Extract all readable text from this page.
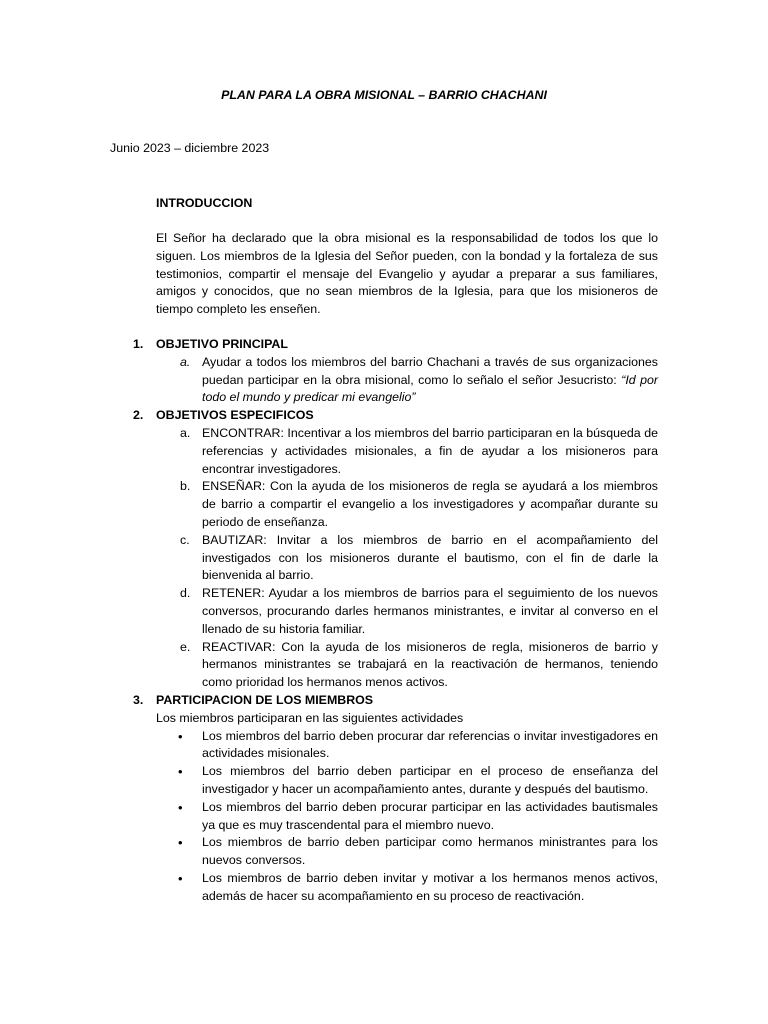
PLAN PARA LA OBRA MISIONAL – BARRIO CHACHANI
Junio 2023 – diciembre 2023
INTRODUCCION
El Señor ha declarado que la obra misional es la responsabilidad de todos los que lo siguen. Los miembros de la Iglesia del Señor pueden, con la bondad y la fortaleza de sus testimonios, compartir el mensaje del Evangelio y ayudar a preparar a sus familiares, amigos y conocidos, que no sean miembros de la Iglesia, para que los misioneros de tiempo completo les enseñen.
1. OBJETIVO PRINCIPAL
a. Ayudar a todos los miembros del barrio Chachani a través de sus organizaciones puedan participar en la obra misional, como lo señalo el señor Jesucristo: “Id por todo el mundo y predicar mi evangelio”
2. OBJETIVOS ESPECIFICOS
a. ENCONTRAR: Incentivar a los miembros del barrio participaran en la búsqueda de referencias y actividades misionales, a fin de ayudar a los misioneros para encontrar investigadores.
b. ENSEÑAR: Con la ayuda de los misioneros de regla se ayudará a los miembros de barrio a compartir el evangelio a los investigadores y acompañar durante su periodo de enseñanza.
c. BAUTIZAR: Invitar a los miembros de barrio en el acompañamiento del investigados con los misioneros durante el bautismo, con el fin de darle la bienvenida al barrio.
d. RETENER: Ayudar a los miembros de barrios para el seguimiento de los nuevos conversos, procurando darles hermanos ministrantes, e invitar al converso en el llenado de su historia familiar.
e. REACTIVAR: Con la ayuda de los misioneros de regla, misioneros de barrio y hermanos ministrantes se trabajará en la reactivación de hermanos, teniendo como prioridad los hermanos menos activos.
3. PARTICIPACION DE LOS MIEMBROS
Los miembros participaran en las siguientes actividades
• Los miembros del barrio deben procurar dar referencias o invitar investigadores en actividades misionales.
• Los miembros del barrio deben participar en el proceso de enseñanza del investigador y hacer un acompañamiento antes, durante y después del bautismo.
• Los miembros del barrio deben procurar participar en las actividades bautismales ya que es muy trascendental para el miembro nuevo.
• Los miembros de barrio deben participar como hermanos ministrantes para los nuevos conversos.
• Los miembros de barrio deben invitar y motivar a los hermanos menos activos, además de hacer su acompañamiento en su proceso de reactivación.
